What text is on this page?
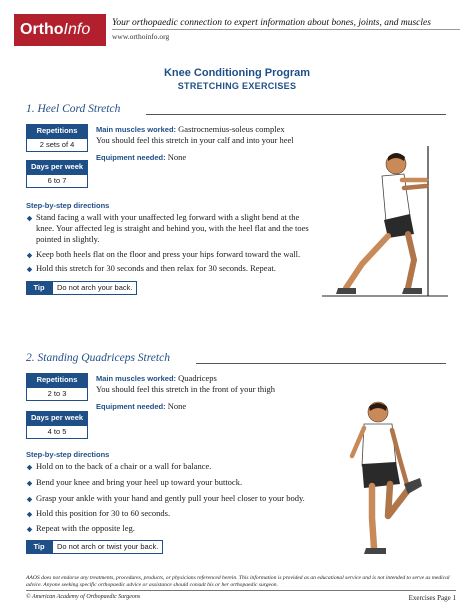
OrthoInfo	Your orthopaedic connection to expert information about bones, joints, and muscles
www.orthoinfo.org
Knee Conditioning Program
STRETCHING EXERCISES
1. Heel Cord Stretch
Repetitions
2 sets of 4
Days per week
6 to 7
Main muscles worked: Gastrocnemius-soleus complex
You should feel this stretch in your calf and into your heel
Equipment needed: None
Step-by-step directions
Stand facing a wall with your unaffected leg forward with a slight bend at the knee. Your affected leg is straight and behind you, with the heel flat and the toes pointed in slightly.
Keep both heels flat on the floor and press your hips forward toward the wall.
Hold this stretch for 30 seconds and then relax for 30 seconds. Repeat.
Tip	Do not arch your back.
2. Standing Quadriceps Stretch
Repetitions
2 to 3
Days per week
4 to 5
Main muscles worked: Quadriceps
You should feel this stretch in the front of your thigh
Equipment needed: None
Step-by-step directions
Hold on to the back of a chair or a wall for balance.
Bend your knee and bring your heel up toward your buttock.
Grasp your ankle with your hand and gently pull your heel closer to your body.
Hold this position for 30 to 60 seconds.
Repeat with the opposite leg.
Tip	Do not arch or twist your back.
AAOS does not endorse any treatments, procedures, products, or physicians referenced herein. This information is provided as an educational service and is not intended to serve as medical advice. Anyone seeking specific orthopaedic advice or assistance should consult his or her orthopaedic surgeon.
© American Academy of Orthopaedic Surgeons	Exercises Page 1
